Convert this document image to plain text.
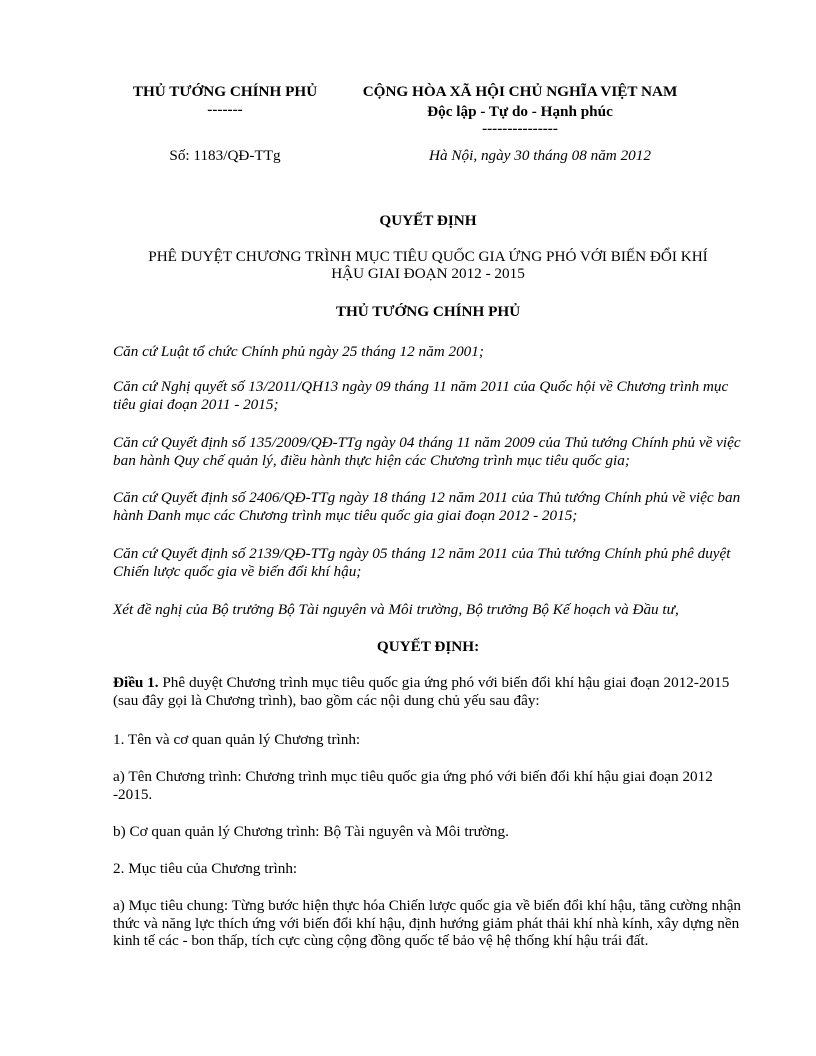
THỦ TƯỚNG CHÍNH PHỦ
-------
CỘNG HÒA XÃ HỘI CHỦ NGHĨA VIỆT NAM
Độc lập - Tự do - Hạnh phúc
---------------
Số: 1183/QĐ-TTg	Hà Nội, ngày 30 tháng 08 năm 2012
QUYẾT ĐỊNH
PHÊ DUYỆT CHƯƠNG TRÌNH MỤC TIÊU QUỐC GIA ỨNG PHÓ VỚI BIẾN ĐỔI KHÍ
HẬU GIAI ĐOẠN 2012 - 2015
THỦ TƯỚNG CHÍNH PHỦ

Căn cứ Luật tổ chức Chính phủ ngày 25 tháng 12 năm 2001;

Căn cứ Nghị quyết số 13/2011/QH13 ngày 09 tháng 11 năm 2011 của Quốc hội về Chương trình mục tiêu giai đoạn 2011 - 2015;

Căn cứ Quyết định số 135/2009/QĐ-TTg ngày 04 tháng 11 năm 2009 của Thủ tướng Chính phủ về việc ban hành Quy chế quản lý, điều hành thực hiện các Chương trình mục tiêu quốc gia;

Căn cứ Quyết định số 2406/QĐ-TTg ngày 18 tháng 12 năm 2011 của Thủ tướng Chính phủ về việc ban hành Danh mục các Chương trình mục tiêu quốc gia giai đoạn 2012 - 2015;

Căn cứ Quyết định số 2139/QĐ-TTg ngày 05 tháng 12 năm 2011 của Thủ tướng Chính phủ phê duyệt Chiến lược quốc gia về biến đổi khí hậu;

Xét đề nghị của Bộ trưởng Bộ Tài nguyên và Môi trường, Bộ trưởng Bộ Kế hoạch và Đầu tư,

QUYẾT ĐỊNH:

Điều 1. Phê duyệt Chương trình mục tiêu quốc gia ứng phó với biến đổi khí hậu giai đoạn 2012-2015 (sau đây gọi là Chương trình), bao gồm các nội dung chủ yếu sau đây:

1. Tên và cơ quan quản lý Chương trình:

a) Tên Chương trình: Chương trình mục tiêu quốc gia ứng phó với biến đổi khí hậu giai đoạn 2012 -2015.

b) Cơ quan quản lý Chương trình: Bộ Tài nguyên và Môi trường.

2. Mục tiêu của Chương trình:

a) Mục tiêu chung: Từng bước hiện thực hóa Chiến lược quốc gia về biến đổi khí hậu, tăng cường nhận thức và năng lực thích ứng với biến đổi khí hậu, định hướng giảm phát thải khí nhà kính, xây dựng nền kinh tế các - bon thấp, tích cực cùng cộng đồng quốc tế bảo vệ hệ thống khí hậu trái đất.
